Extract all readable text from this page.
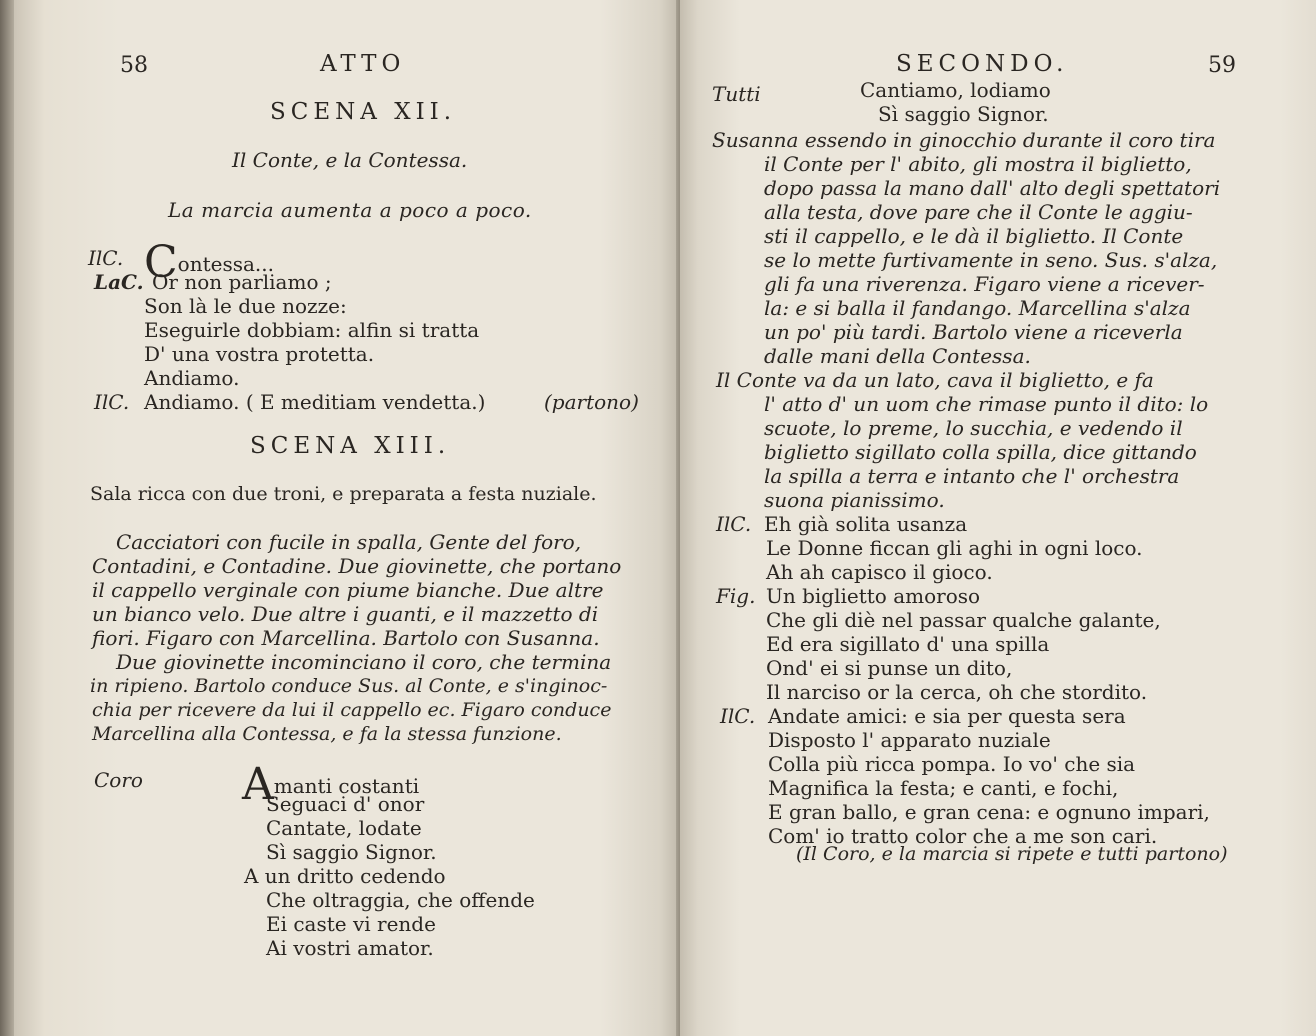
58	ATTO
SCENA XII.
Il Conte, e la Contessa.
La marcia aumenta a poco a poco.
IlC. Contessa...
LaC. Or non parliamo ;
Son là le due nozze:
Eseguirle dobbiam: alfin si tratta
D' una vostra protetta.
Andiamo.
IlC. Andiamo. ( E meditiam vendetta.)	(partono)
SCENA XIII.
Sala ricca con due troni, e preparata a festa nuziale.
Cacciatori con fucile in spalla, Gente del foro,
Contadini, e Contadine. Due giovinette, che portano
il cappello verginale con piume bianche. Due altre
un bianco velo. Due altre i guanti, e il mazzetto di
fiori. Figaro con Marcellina. Bartolo con Susanna.
Due giovinette incominciano il coro, che termina
in ripieno. Bartolo conduce Sus. al Conte, e s'inginoc-
chia per ricevere da lui il cappello ec. Figaro conduce
Marcellina alla Contessa, e fa la stessa funzione.
Coro Amanti costanti
Seguaci d' onor
Cantate, lodate
Sì saggio Signor.
A un dritto cedendo
Che oltraggia, che offende
Ei caste vi rende
Ai vostri amator.
SECONDO.	59
Tutti	Cantiamo, lodiamo
Sì saggio Signor.
Susanna essendo in ginocchio durante il coro tira
il Conte per l' abito, gli mostra il biglietto,
dopo passa la mano dall' alto degli spettatori
alla testa, dove pare che il Conte le aggiu-
sti il cappello, e le dà il biglietto. Il Conte
se lo mette furtivamente in seno. Sus. s'alza,
gli fa una riverenza. Figaro viene a ricever-
la: e si balla il fandango. Marcellina s'alza
un po' più tardi. Bartolo viene a riceverla
dalle mani della Contessa.
Il Conte va da un lato, cava il biglietto, e fa
l' atto d' un uom che rimase punto il dito: lo
scuote, lo preme, lo succhia, e vedendo il
biglietto sigillato colla spilla, dice gittando
la spilla a terra e intanto che l' orchestra
suona pianissimo.
IlC. Eh già solita usanza
Le Donne ficcan gli aghi in ogni loco.
Ah ah capisco il gioco.
Fig. Un biglietto amoroso
Che gli diè nel passar qualche galante,
Ed era sigillato d' una spilla
Ond' ei si punse un dito,
Il narciso or la cerca, oh che stordito.
IlC. Andate amici: e sia per questa sera
Disposto l' apparato nuziale
Colla più ricca pompa. Io vo' che sia
Magnifica la festa; e canti, e fochi,
E gran ballo, e gran cena: e ognuno impari,
Com' io tratto color che a me son cari.
(Il Coro, e la marcia si ripete e tutti partono)
